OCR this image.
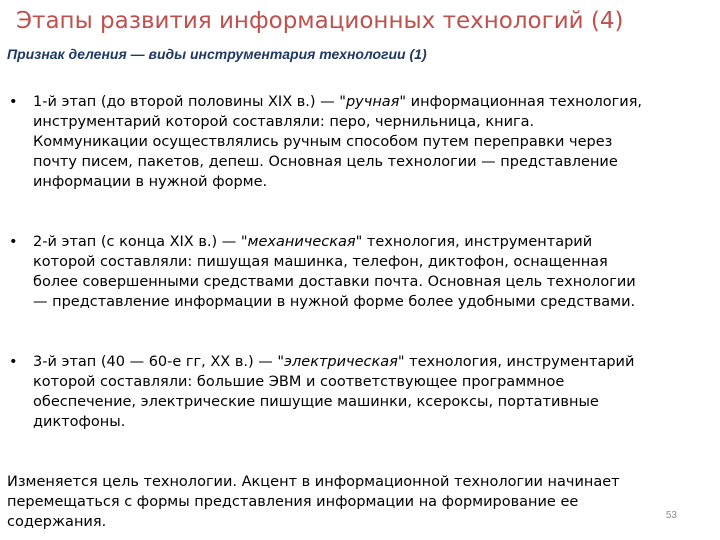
Этапы развития информационных технологий (4)
Признак деления — виды инструментария технологии (1)
• 1-й этап (до второй половины XIX в.) — "ручная" информационная технология,
инструментарий которой составляли: перо, чернильница, книга.
Коммуникации осуществлялись ручным способом путем переправки через
почту писем, пакетов, депеш. Основная цель технологии — представление
информации в нужной форме.
• 2-й этап (с конца XIX в.) — "механическая" технология, инструментарий
которой составляли: пишущая машинка, телефон, диктофон, оснащенная
более совершенными средствами доставки почта. Основная цель технологии
— представление информации в нужной форме более удобными средствами.
• 3-й этап (40 — 60-е гг, XX в.) — "электрическая" технология, инструментарий
которой составляли: большие ЭВМ и соответствующее программное
обеспечение, электрические пишущие машинки, ксероксы, портативные
диктофоны.
Изменяется цель технологии. Акцент в информационной технологии начинает
перемещаться с формы представления информации на формирование ее
содержания.	53
